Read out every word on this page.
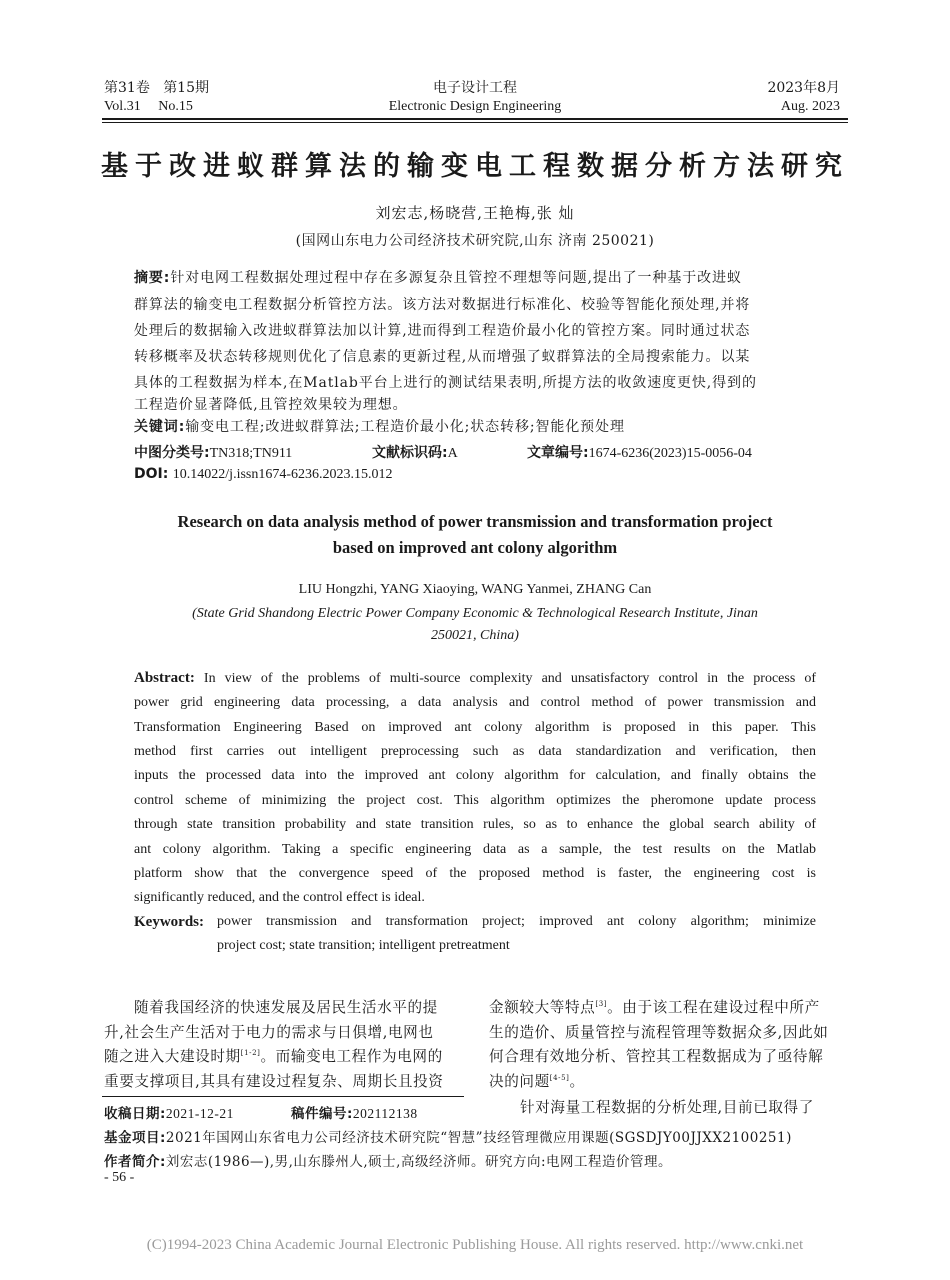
第31卷 第15期
Vol.31 No.15
电子设计工程
Electronic Design Engineering
2023年8月
Aug. 2023
基于改进蚁群算法的输变电工程数据分析方法研究
刘宏志,杨晓营,王艳梅,张 灿
(国网山东电力公司经济技术研究院,山东 济南 250021)
摘要:针对电网工程数据处理过程中存在多源复杂且管控不理想等问题,提出了一种基于改进蚁
群算法的输变电工程数据分析管控方法。该方法对数据进行标准化、校验等智能化预处理,并将
处理后的数据输入改进蚁群算法加以计算,进而得到工程造价最小化的管控方案。同时通过状态
转移概率及状态转移规则优化了信息素的更新过程,从而增强了蚁群算法的全局搜索能力。以某
具体的工程数据为样本,在Matlab平台上进行的测试结果表明,所提方法的收敛速度更快,得到的
工程造价显著降低,且管控效果较为理想。
关键词:输变电工程;改进蚁群算法;工程造价最小化;状态转移;智能化预处理
中图分类号:TN318;TN911	文献标识码:A	文章编号:1674-6236(2023)15-0056-04
DOI: 10.14022/j.issn1674-6236.2023.15.012
Research on data analysis method of power transmission and transformation project
based on improved ant colony algorithm
LIU Hongzhi, YANG Xiaoying, WANG Yanmei, ZHANG Can
(State Grid Shandong Electric Power Company Economic & Technological Research Institute, Jinan
250021, China)
Abstract: In view of the problems of multi-source complexity and unsatisfactory control in the process of
power grid engineering data processing, a data analysis and control method of power transmission and
Transformation Engineering Based on improved ant colony algorithm is proposed in this paper. This
method first carries out intelligent preprocessing such as data standardization and verification, then
inputs the processed data into the improved ant colony algorithm for calculation, and finally obtains the
control scheme of minimizing the project cost. This algorithm optimizes the pheromone update process
through state transition probability and state transition rules, so as to enhance the global search ability of
ant colony algorithm. Taking a specific engineering data as a sample, the test results on the Matlab
platform show that the convergence speed of the proposed method is faster, the engineering cost is
significantly reduced, and the control effect is ideal.
Keywords: power transmission and transformation project; improved ant colony algorithm; minimize
project cost; state transition; intelligent pretreatment
随着我国经济的快速发展及居民生活水平的提
升,社会生产生活对于电力的需求与日俱增,电网也
随之进入大建设时期[1-2]。而输变电工程作为电网的
重要支撑项目,其具有建设过程复杂、周期长且投资
金额较大等特点[3]。由于该工程在建设过程中所产
生的造价、质量管控与流程管理等数据众多,因此如
何合理有效地分析、管控其工程数据成为了亟待解
决的问题[4-5]。
针对海量工程数据的分析处理,目前已取得了
收稿日期:2021-12-21	稿件编号:202112138
基金项目:2021年国网山东省电力公司经济技术研究院“智慧”技经管理微应用课题(SGSDJY00JJXX2100251)
作者简介:刘宏志(1986—),男,山东滕州人,硕士,高级经济师。研究方向:电网工程造价管理。
- 56 -
(C)1994-2023 China Academic Journal Electronic Publishing House. All rights reserved. http://www.cnki.net
